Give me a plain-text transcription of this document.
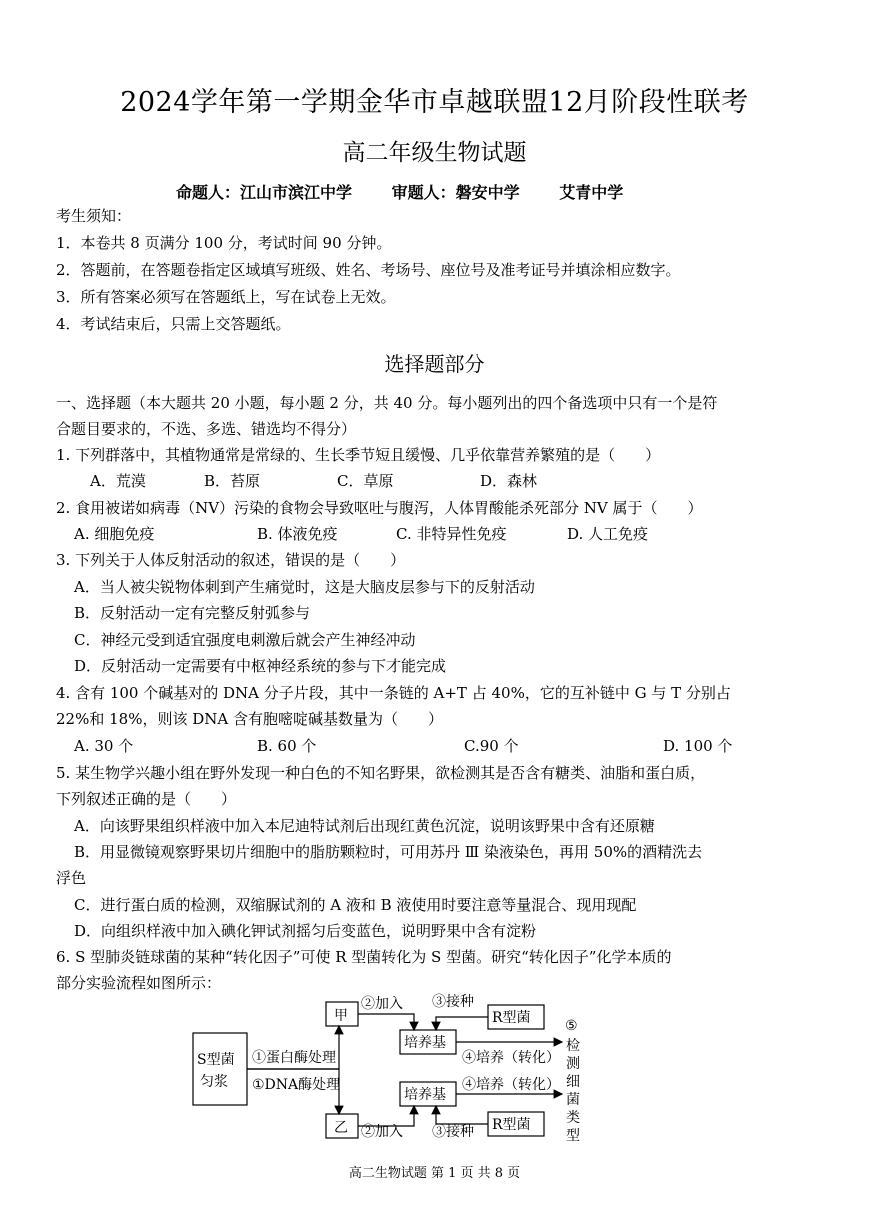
2024学年第一学期金华市卓越联盟12月阶段性联考
高二年级生物试题
命题人：江山市滨江中学 审题人：磐安中学 艾青中学
考生须知：
1．本卷共 8 页满分 100 分，考试时间 90 分钟。
2．答题前，在答题卷指定区域填写班级、姓名、考场号、座位号及准考证号并填涂相应数字。
3．所有答案必须写在答题纸上，写在试卷上无效。
4．考试结束后，只需上交答题纸。
选择题部分
一、选择题（本大题共 20 小题，每小题 2 分，共 40 分。每小题列出的四个备选项中只有一个是符
合题目要求的，不选、多选、错选均不得分）
1. 下列群落中，其植物通常是常绿的、生长季节短且缓慢、几乎依靠营养繁殖的是（　　）
A．荒漠	B．苔原	C．草原	D．森林
2. 食用被诺如病毒（NV）污染的食物会导致呕吐与腹泻，人体胃酸能杀死部分 NV 属于（　　）
A. 细胞免疫	B. 体液免疫	C. 非特异性免疫	D. 人工免疫
3. 下列关于人体反射活动的叙述，错误的是（　　）
A．当人被尖锐物体刺到产生痛觉时，这是大脑皮层参与下的反射活动
B．反射活动一定有完整反射弧参与
C．神经元受到适宜强度电刺激后就会产生神经冲动
D．反射活动一定需要有中枢神经系统的参与下才能完成
4. 含有 100 个碱基对的 DNA 分子片段，其中一条链的 A+T 占 40%，它的互补链中 G 与 T 分别占
22%和 18%，则该 DNA 含有胞嘧啶碱基数量为（　　）
A. 30 个	B. 60 个	C.90 个	D. 100 个
5. 某生物学兴趣小组在野外发现一种白色的不知名野果，欲检测其是否含有糖类、油脂和蛋白质，
下列叙述正确的是（　　）
A．向该野果组织样液中加入本尼迪特试剂后出现红黄色沉淀，说明该野果中含有还原糖
B．用显微镜观察野果切片细胞中的脂肪颗粒时，可用苏丹 Ⅲ 染液染色，再用 50%的酒精洗去
浮色
C．进行蛋白质的检测，双缩脲试剂的 A 液和 B 液使用时要注意等量混合、现用现配
D．向组织样液中加入碘化钾试剂摇匀后变蓝色，说明野果中含有淀粉
6. S 型肺炎链球菌的某种“转化因子”可使 R 型菌转化为 S 型菌。研究“转化因子”化学本质的
部分实验流程如图所示：
S型菌
匀浆
甲
乙
①蛋白酶处理
①DNA酶处理
②加入
②加入
③接种
③接种
R型菌
R型菌
培养基
培养基
④培养（转化）
④培养（转化）
⑤
检 测 细 菌 类 型
高二生物试题 第 1 页 共 8 页
